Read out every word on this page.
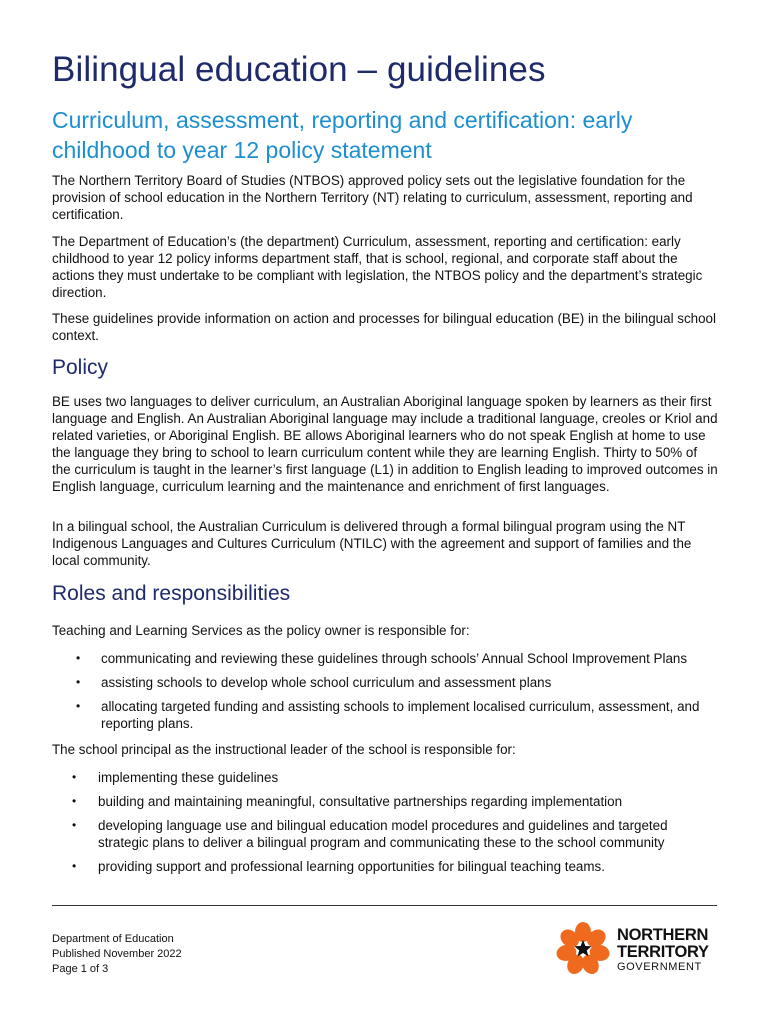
Bilingual education – guidelines
Curriculum, assessment, reporting and certification: early childhood to year 12 policy statement

The Northern Territory Board of Studies (NTBOS) approved policy sets out the legislative foundation for the provision of school education in the Northern Territory (NT) relating to curriculum, assessment, reporting and certification.

The Department of Education’s (the department) Curriculum, assessment, reporting and certification: early childhood to year 12 policy informs department staff, that is school, regional, and corporate staff about the actions they must undertake to be compliant with legislation, the NTBOS policy and the department’s strategic direction.

These guidelines provide information on action and processes for bilingual education (BE) in the bilingual school context.

Policy

BE uses two languages to deliver curriculum, an Australian Aboriginal language spoken by learners as their first language and English. An Australian Aboriginal language may include a traditional language, creoles or Kriol and related varieties, or Aboriginal English. BE allows Aboriginal learners who do not speak English at home to use the language they bring to school to learn curriculum content while they are learning English. Thirty to 50% of the curriculum is taught in the learner’s first language (L1) in addition to English leading to improved outcomes in English language, curriculum learning and the maintenance and enrichment of first languages.

In a bilingual school, the Australian Curriculum is delivered through a formal bilingual program using the NT Indigenous Languages and Cultures Curriculum (NTILC) with the agreement and support of families and the local community.

Roles and responsibilities

Teaching and Learning Services as the policy owner is responsible for:

• communicating and reviewing these guidelines through schools’ Annual School Improvement Plans
• assisting schools to develop whole school curriculum and assessment plans
• allocating targeted funding and assisting schools to implement localised curriculum, assessment, and reporting plans.

The school principal as the instructional leader of the school is responsible for:

• implementing these guidelines
• building and maintaining meaningful, consultative partnerships regarding implementation
• developing language use and bilingual education model procedures and guidelines and targeted strategic plans to deliver a bilingual program and communicating these to the school community
• providing support and professional learning opportunities for bilingual teaching teams.
Department of Education
Published November 2022
Page 1 of 3
NORTHERN
TERRITORY
GOVERNMENT
